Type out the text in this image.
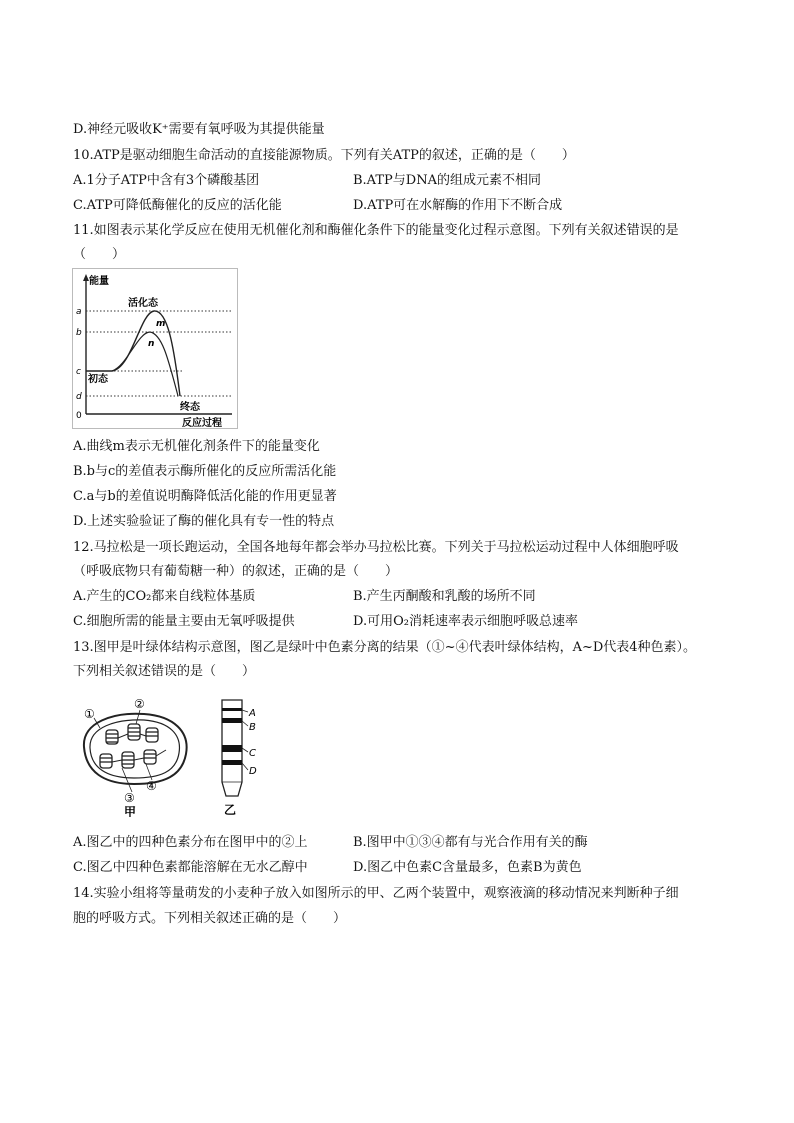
D.神经元吸收K⁺需要有氧呼吸为其提供能量
10.ATP是驱动细胞生命活动的直接能源物质。下列有关ATP的叙述，正确的是（　　）
A.1分子ATP中含有3个磷酸基团	B.ATP与DNA的组成元素不相同
C.ATP可降低酶催化的反应的活化能	D.ATP可在水解酶的作用下不断合成
11.如图表示某化学反应在使用无机催化剂和酶催化条件下的能量变化过程示意图。下列有关叙述错误的是
（　　）
能量
活化态
m
n
初态
终态
反应过程
a
b
c
d
0
A.曲线m表示无机催化剂条件下的能量变化
B.b与c的差值表示酶所催化的反应所需活化能
C.a与b的差值说明酶降低活化能的作用更显著
D.上述实验验证了酶的催化具有专一性的特点
12.马拉松是一项长跑运动，全国各地每年都会举办马拉松比赛。下列关于马拉松运动过程中人体细胞呼吸
（呼吸底物只有葡萄糖一种）的叙述，正确的是（　　）
A.产生的CO₂都来自线粒体基质	B.产生丙酮酸和乳酸的场所不同
C.细胞所需的能量主要由无氧呼吸提供	D.可用O₂消耗速率表示细胞呼吸总速率
13.图甲是叶绿体结构示意图，图乙是绿叶中色素分离的结果（①~④代表叶绿体结构，A~D代表4种色素）。
下列相关叙述错误的是（　　）
①
②
③
④
甲
A
B
C
D
乙
A.图乙中的四种色素分布在图甲中的②上	B.图甲中①③④都有与光合作用有关的酶
C.图乙中四种色素都能溶解在无水乙醇中	D.图乙中色素C含量最多，色素B为黄色
14.实验小组将等量萌发的小麦种子放入如图所示的甲、乙两个装置中，观察液滴的移动情况来判断种子细
胞的呼吸方式。下列相关叙述正确的是（　　）
